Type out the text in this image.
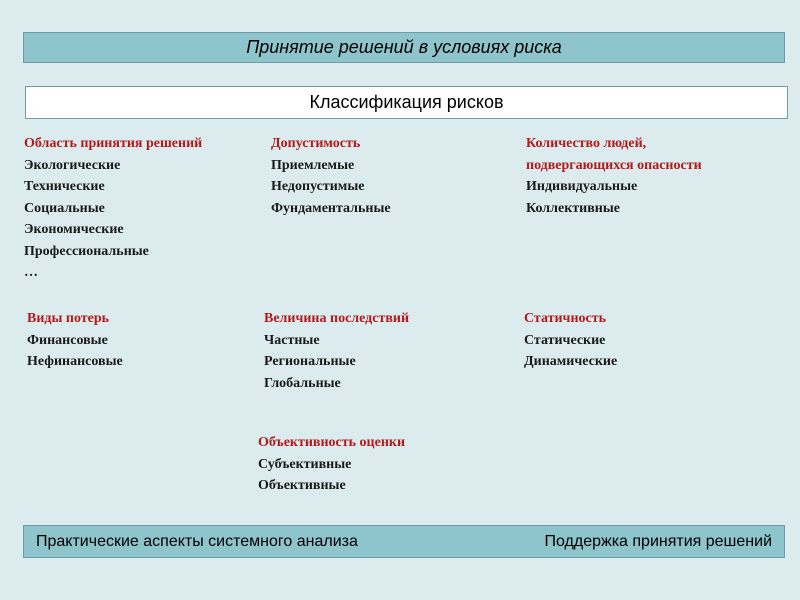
Принятие решений в условиях риска
Классификация рисков
Область принятия решений
Экологические
Технические
Социальные
Экономические
Профессиональные
…
Допустимость
Приемлемые
Недопустимые
Фундаментальные
Количество людей,
подвергающихся опасности
Индивидуальные
Коллективные
Виды потерь
Финансовые
Нефинансовые
Величина последствий
Частные
Региональные
Глобальные
Статичность
Статические
Динамические
Объективность оценки
Субъективные
Объективные
Практические аспекты системного анализа	Поддержка принятия решений
